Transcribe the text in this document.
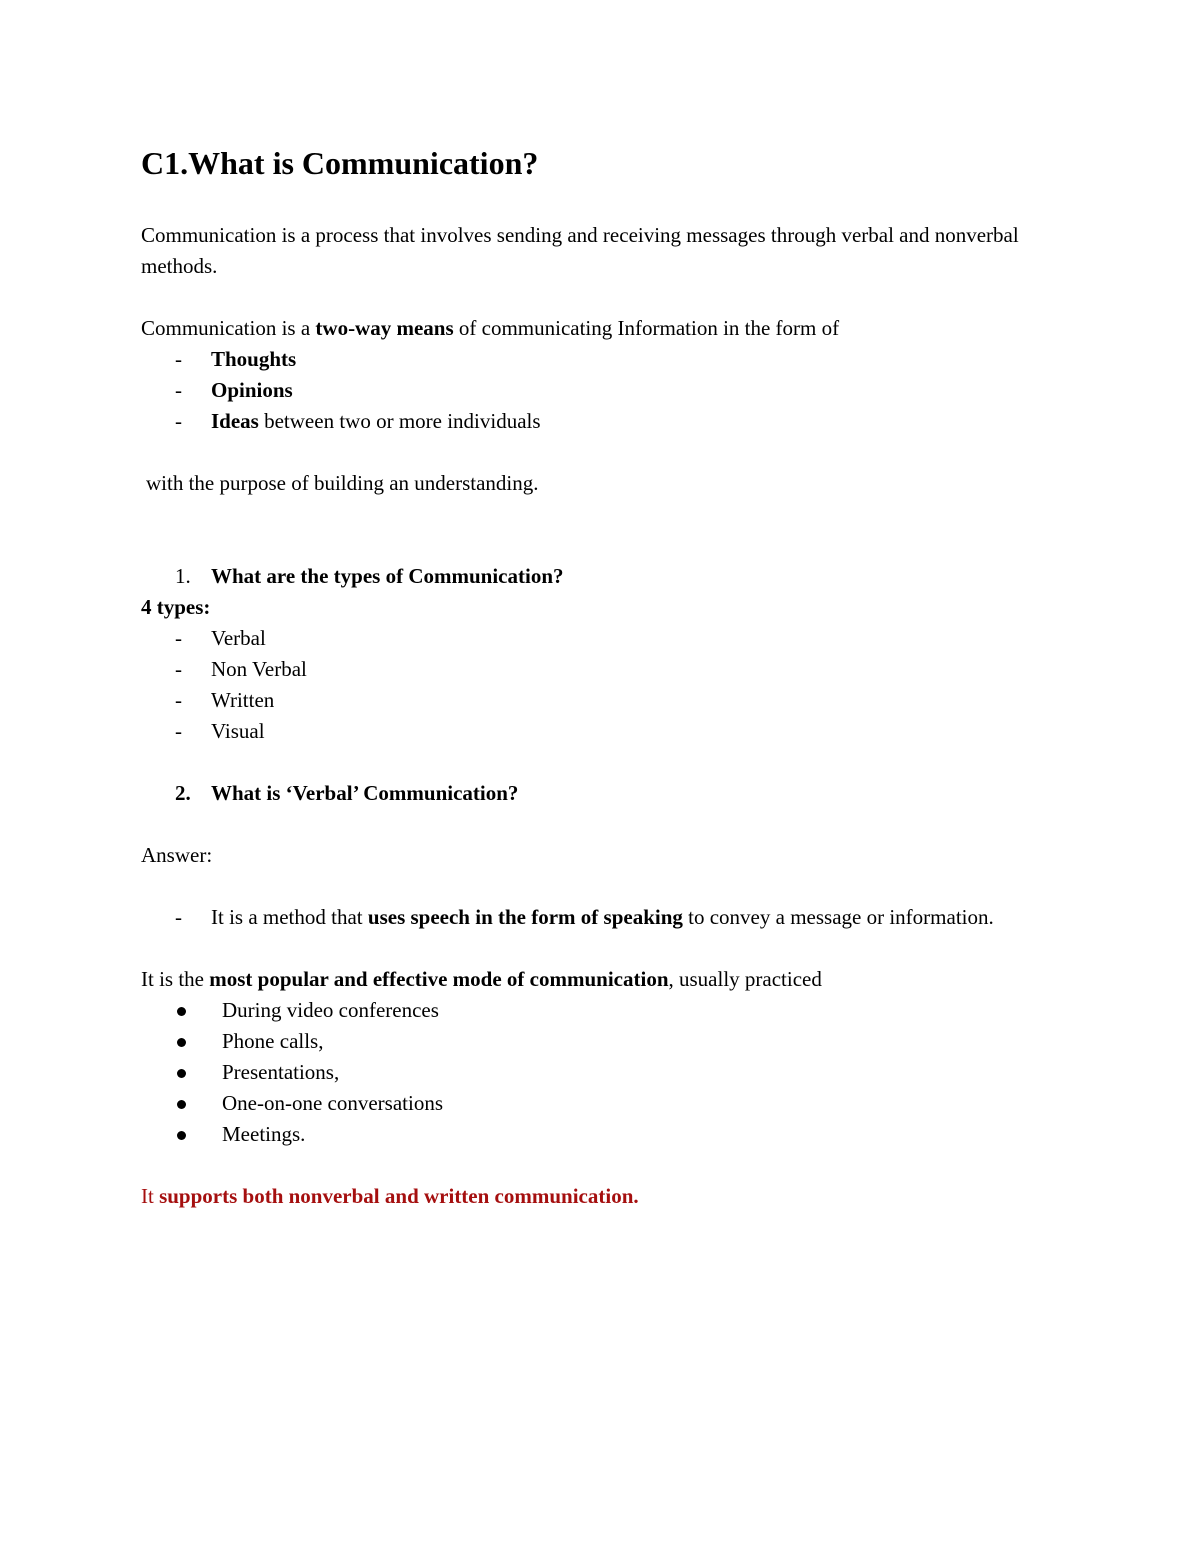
C1.What is Communication?

Communication is a process that involves sending and receiving messages through verbal and nonverbal methods.

Communication is a two-way means of communicating Information in the form of

- Thoughts
- Opinions
- Ideas between two or more individuals

with the purpose of building an understanding.

1. What are the types of Communication?

4 types:

- Verbal
- Non Verbal
- Written
- Visual
2. What is ‘Verbal’ Communication?

Answer:

- It is a method that uses speech in the form of speaking to convey a message or information.

It is the most popular and effective mode of communication, usually practiced

During video conferences
Phone calls,
Presentations,
One-on-one conversations
Meetings.

It supports both nonverbal and written communication.
